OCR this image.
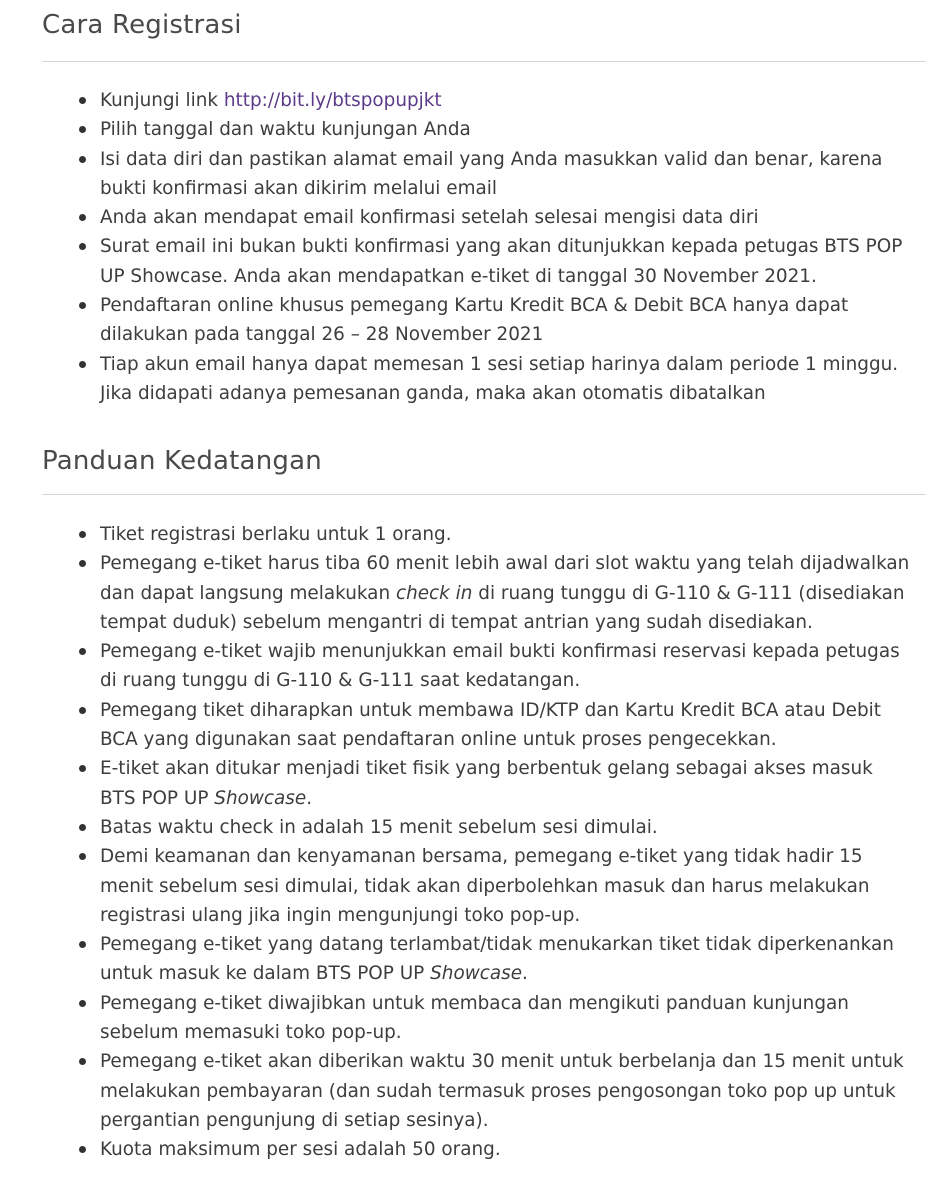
Cara Registrasi
Kunjungi link http://bit.ly/btspopupjkt
Pilih tanggal dan waktu kunjungan Anda
Isi data diri dan pastikan alamat email yang Anda masukkan valid dan benar, karena bukti konfirmasi akan dikirim melalui email
Anda akan mendapat email konfirmasi setelah selesai mengisi data diri
Surat email ini bukan bukti konfirmasi yang akan ditunjukkan kepada petugas BTS POP UP Showcase. Anda akan mendapatkan e-tiket di tanggal 30 November 2021.
Pendaftaran online khusus pemegang Kartu Kredit BCA & Debit BCA hanya dapat dilakukan pada tanggal 26 – 28 November 2021
Tiap akun email hanya dapat memesan 1 sesi setiap harinya dalam periode 1 minggu. Jika didapati adanya pemesanan ganda, maka akan otomatis dibatalkan
Panduan Kedatangan
Tiket registrasi berlaku untuk 1 orang.
Pemegang e-tiket harus tiba 60 menit lebih awal dari slot waktu yang telah dijadwalkan dan dapat langsung melakukan check in di ruang tunggu di G-110 & G-111 (disediakan tempat duduk) sebelum mengantri di tempat antrian yang sudah disediakan.
Pemegang e-tiket wajib menunjukkan email bukti konfirmasi reservasi kepada petugas di ruang tunggu di G-110 & G-111 saat kedatangan.
Pemegang tiket diharapkan untuk membawa ID/KTP dan Kartu Kredit BCA atau Debit BCA yang digunakan saat pendaftaran online untuk proses pengecekkan.
E-tiket akan ditukar menjadi tiket fisik yang berbentuk gelang sebagai akses masuk BTS POP UP Showcase.
Batas waktu check in adalah 15 menit sebelum sesi dimulai.
Demi keamanan dan kenyamanan bersama, pemegang e-tiket yang tidak hadir 15 menit sebelum sesi dimulai, tidak akan diperbolehkan masuk dan harus melakukan registrasi ulang jika ingin mengunjungi toko pop-up.
Pemegang e-tiket yang datang terlambat/tidak menukarkan tiket tidak diperkenankan untuk masuk ke dalam BTS POP UP Showcase.
Pemegang e-tiket diwajibkan untuk membaca dan mengikuti panduan kunjungan sebelum memasuki toko pop-up.
Pemegang e-tiket akan diberikan waktu 30 menit untuk berbelanja dan 15 menit untuk melakukan pembayaran (dan sudah termasuk proses pengosongan toko pop up untuk pergantian pengunjung di setiap sesinya).
Kuota maksimum per sesi adalah 50 orang.
